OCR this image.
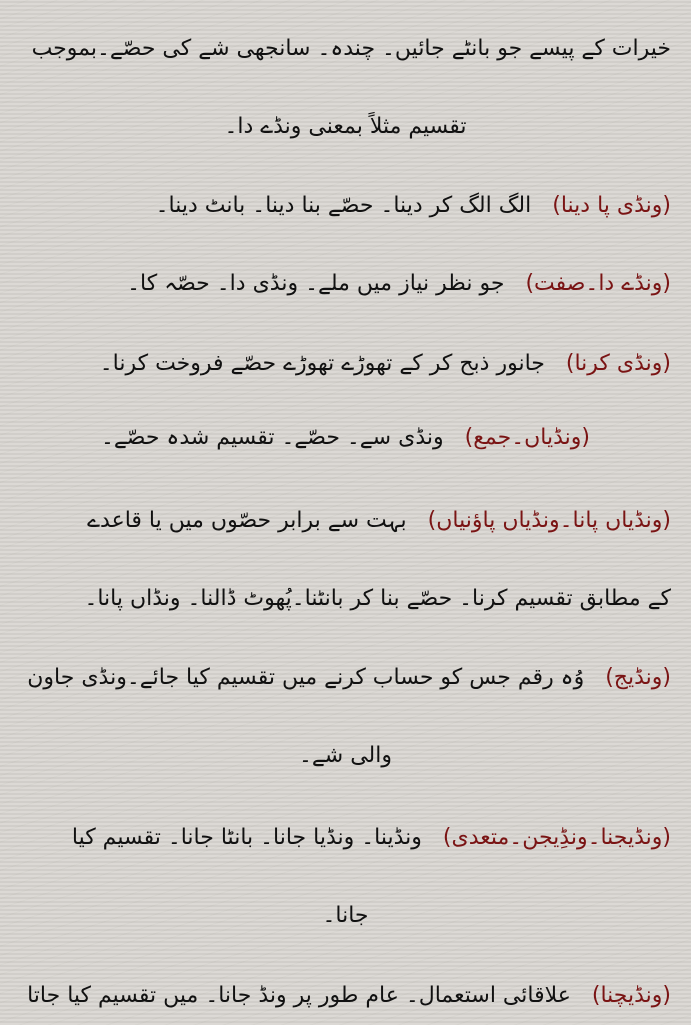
خیرات کے پیسے جو بانٹے جائیں۔ چندہ۔ سانجھی شے کی حصّے۔بموجب
تقسیم مثلاً بمعنی ونڈے دا۔
(ونڈی پا دینا) الگ الگ کر دینا۔ حصّے بنا دینا۔ بانٹ دینا۔
(ونڈے دا۔صفت) جو نظر نیاز میں ملے۔ ونڈی دا۔ حصّہ کا۔
(ونڈی کرنا) جانور ذبح کر کے تھوڑے تھوڑے حصّے فروخت کرنا۔
(ونڈیاں۔جمع) ونڈی سے۔ حصّے۔ تقسیم شدہ حصّے۔
(ونڈیاں پانا۔ونڈیاں پاؤنیاں) بہت سے برابر حصّوں میں یا قاعدے
کے مطابق تقسیم کرنا۔ حصّے بنا کر بانٹنا۔پُھوٹ ڈالنا۔ ونڈاں پانا۔
(ونڈیج) وُہ رقم جس کو حساب کرنے میں تقسیم کیا جائے۔ونڈی جاون
والی شے۔
(ونڈیجنا۔ونڈِیجن۔متعدی) ونڈینا۔ ونڈیا جانا۔ بانٹا جانا۔ تقسیم کیا
جانا۔
(ونڈیچنا) علاقائی استعمال۔ عام طور پر ونڈ جانا۔ میں تقسیم کیا جاتا
